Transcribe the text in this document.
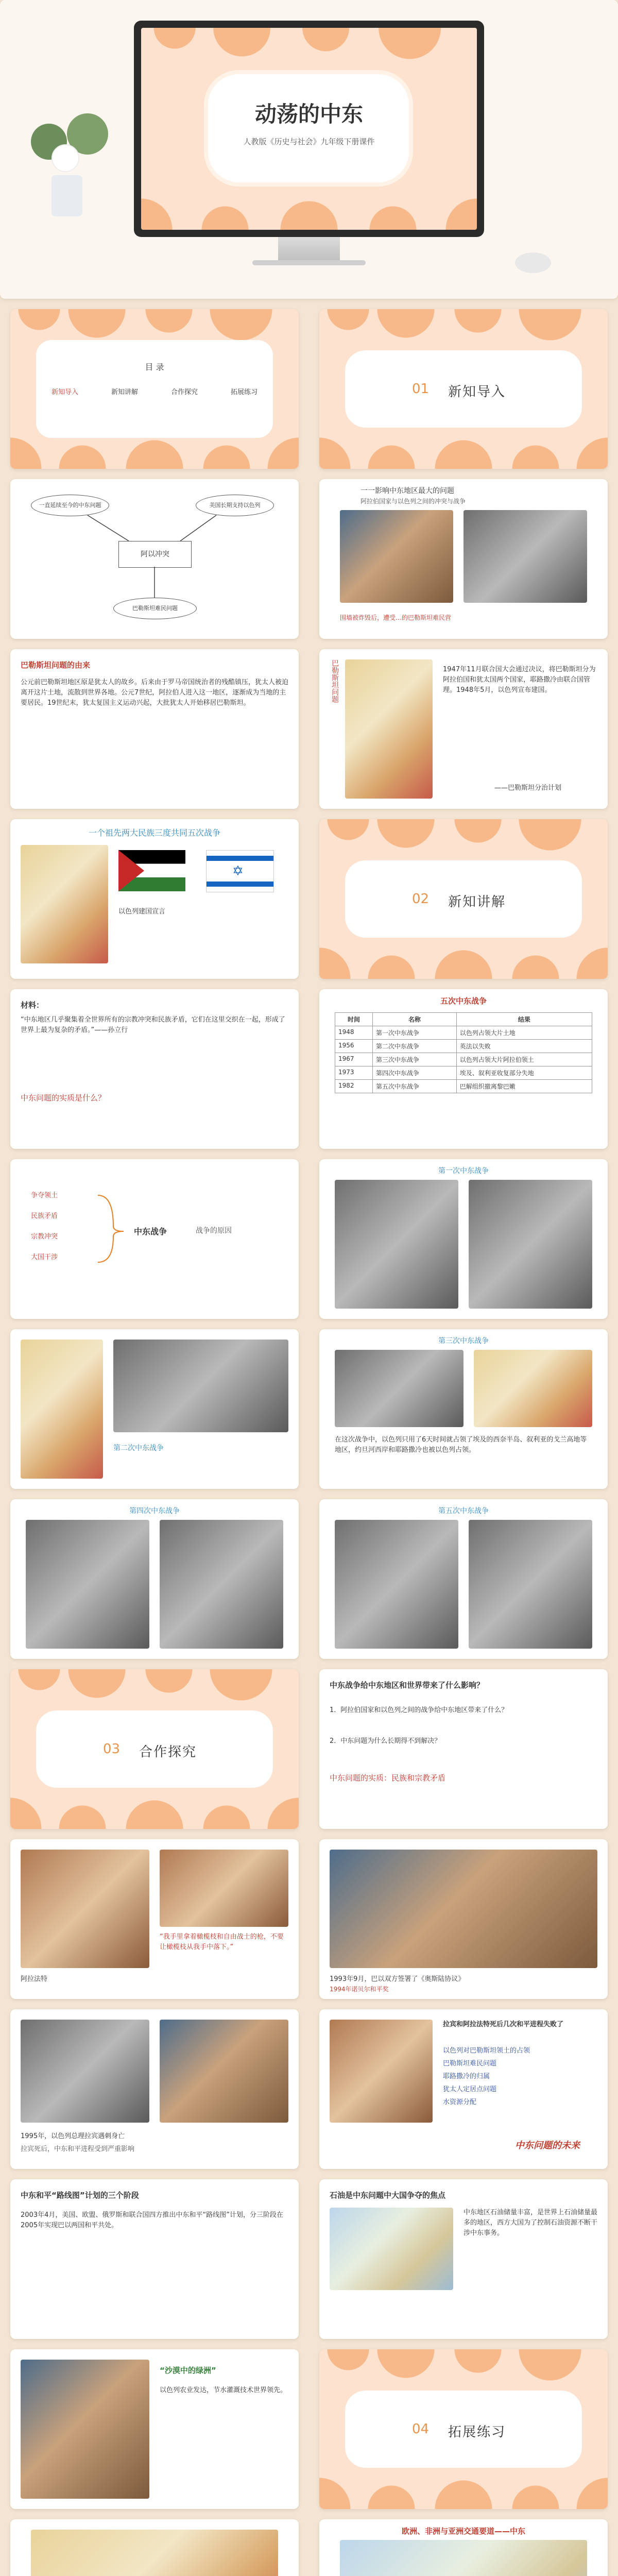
动荡的中东
人教版《历史与社会》九年级下册课件
目 录
新知导入	新知讲解	合作探究	拓展练习	01 新知导入
一直延续至今的中东问题	美国长期支持以色列
阿以冲突
巴勒斯坦难民问题
一一影响中东地区最大的问题
阿拉伯国家与以色列之间的冲突与战争
围墙被炸毁后，遭受…的巴勒斯坦难民营
巴勒斯坦问题的由来
公元前巴勒斯坦地区原是犹太人的故乡。后来由于罗马帝国统治者的残酷镇压，犹太人被迫离开这片土地，流散到世界各地。公元7世纪，阿拉伯人进入这一地区，逐渐成为当地的主要居民。19世纪末，犹太复国主义运动兴起，大批犹太人开始移居巴勒斯坦。
巴勒斯坦问题	1947年11月联合国大会通过决议，将巴勒斯坦分为阿拉伯国和犹太国两个国家，耶路撒冷由联合国管理。1948年5月，以色列宣布建国。
——巴勒斯坦分治计划
一个祖先两大民族三度共同五次战争
✡
以色列建国宣言
02 新知讲解
材料：
“中东地区几乎聚集着全世界所有的宗教冲突和民族矛盾，它们在这里交织在一起，形成了世界上最为复杂的矛盾。”——孙立行
中东问题的实质是什么？
五次中东战争
时间	名称	结果
1948	第一次中东战争	以色列占领大片土地
1956	第二次中东战争	英法以失败
1967	第三次中东战争	以色列占领大片阿拉伯领土
1973	第四次中东战争	埃及、叙利亚收复部分失地
1982	第五次中东战争	巴解组织撤离黎巴嫩
争夺领土
民族矛盾
宗教冲突
大国干涉
中东战争	战争的原因
第一次中东战争
第二次中东战争
第三次中东战争
在这次战争中，以色列只用了6天时间就占领了埃及的西奈半岛、叙利亚的戈兰高地等地区，约旦河西岸和耶路撒冷也被以色列占领。
第四次中东战争	第五次中东战争
03 合作探究
中东战争给中东地区和世界带来了什么影响？
1．阿拉伯国家和以色列之间的战争给中东地区带来了什么？
2．中东问题为什么长期得不到解决？
中东问题的实质：民族和宗教矛盾
阿拉法特
“我手里拿着橄榄枝和自由战士的枪，不要让橄榄枝从我手中落下。”
1993年9月，巴以双方签署了《奥斯陆协议》
1994年诺贝尔和平奖
1995年，以色列总理拉宾遇刺身亡
拉宾死后，中东和平进程受到严重影响
拉宾和阿拉法特死后几次和平进程失败了
以色列对巴勒斯坦领土的占领
巴勒斯坦难民问题
耶路撒冷的归属
犹太人定居点问题
水资源分配
中东问题的未来
中东和平“路线图”计划的三个阶段
2003年4月，美国、欧盟、俄罗斯和联合国四方推出中东和平“路线图”计划，分三阶段在2005年实现巴以两国和平共处。
石油是中东问题中大国争夺的焦点
中东地区石油储量丰富，是世界上石油储量最多的地区，西方大国为了控制石油资源不断干涉中东事务。
“沙漠中的绿洲”
以色列农业发达，节水灌溉技术世界领先。
04 拓展练习
欧洲、非洲与亚洲交通要道——中东
